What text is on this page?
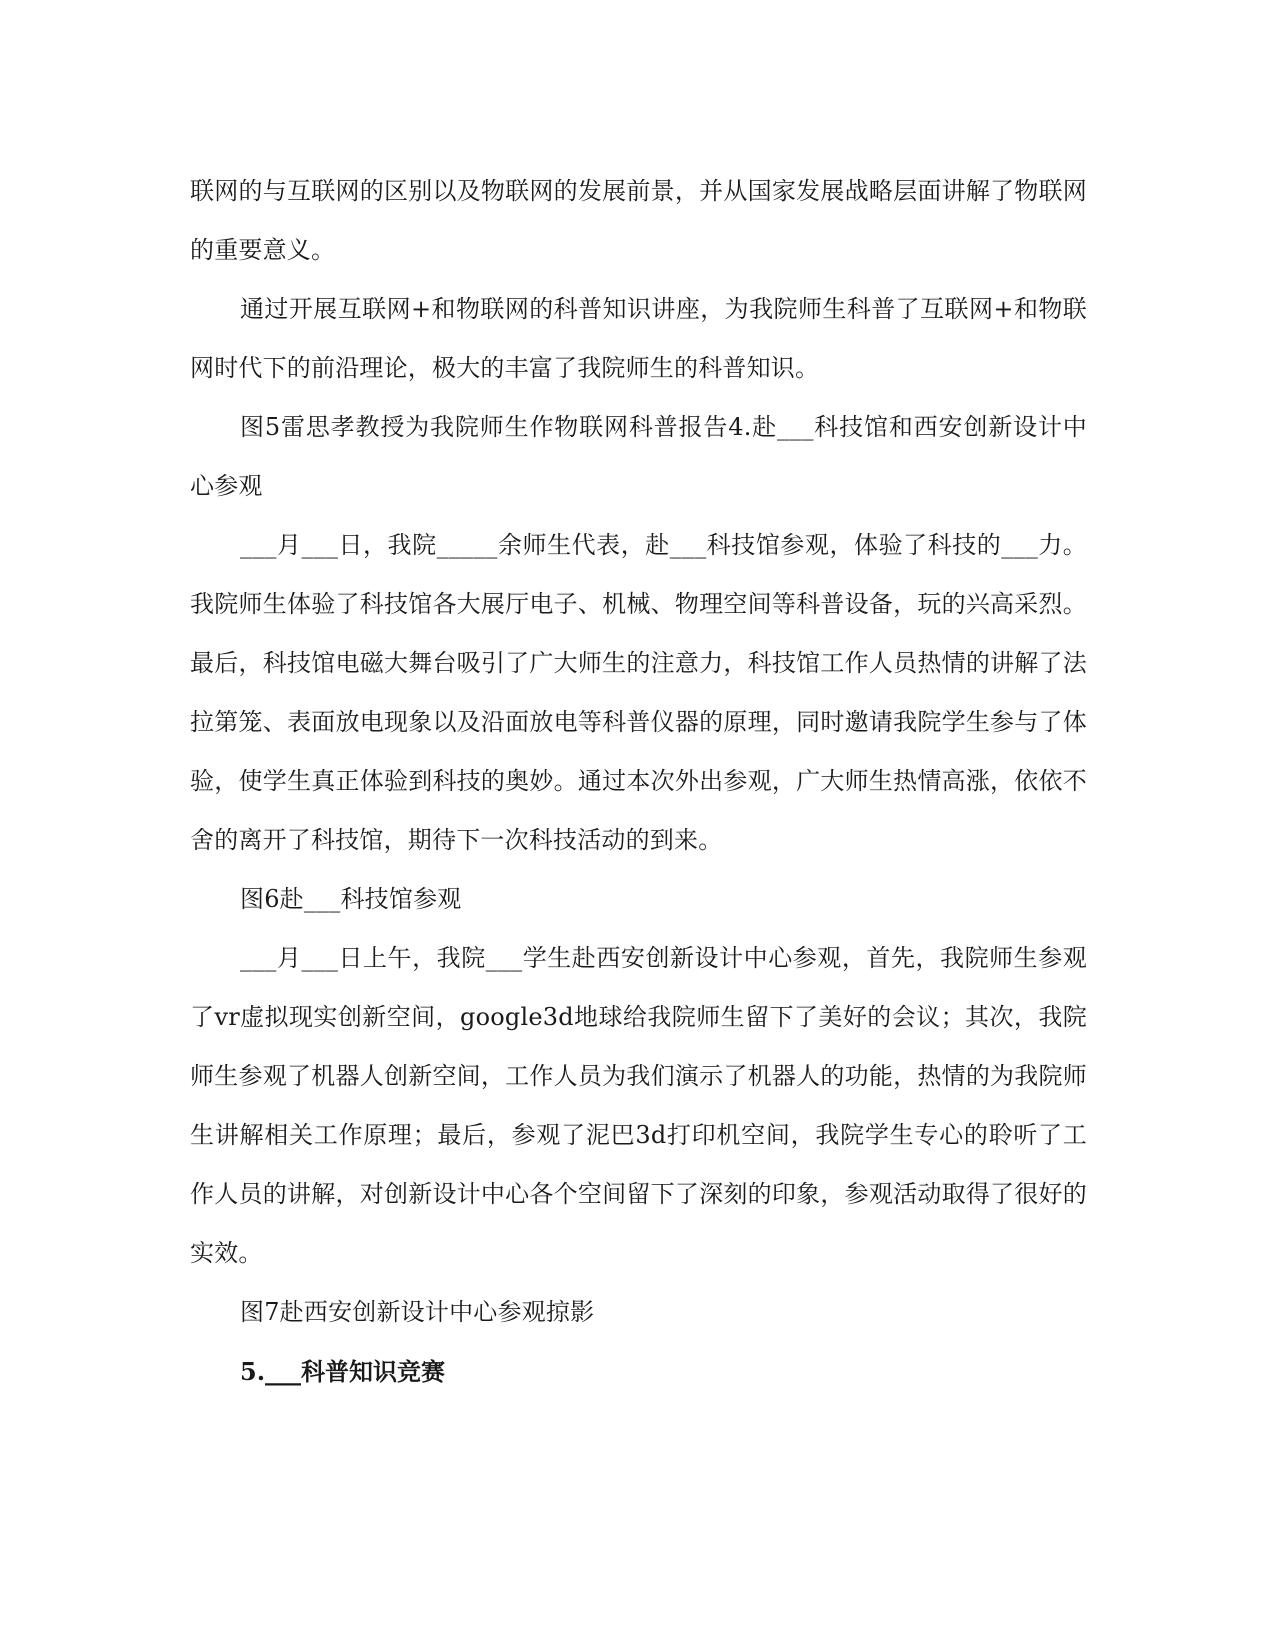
联网的与互联网的区别以及物联网的发展前景，并从国家发展战略层面讲解了物联网的重要意义。

通过开展互联网+和物联网的科普知识讲座，为我院师生科普了互联网+和物联网时代下的前沿理论，极大的丰富了我院师生的科普知识。

图5雷思孝教授为我院师生作物联网科普报告4.赴___科技馆和西安创新设计中心参观

___月___日，我院_____余师生代表，赴___科技馆参观，体验了科技的___力。我院师生体验了科技馆各大展厅电子、机械、物理空间等科普设备，玩的兴高采烈。最后，科技馆电磁大舞台吸引了广大师生的注意力，科技馆工作人员热情的讲解了法拉第笼、表面放电现象以及沿面放电等科普仪器的原理，同时邀请我院学生参与了体验，使学生真正体验到科技的奥妙。通过本次外出参观，广大师生热情高涨，依依不舍的离开了科技馆，期待下一次科技活动的到来。

图6赴___科技馆参观

___月___日上午，我院___学生赴西安创新设计中心参观，首先，我院师生参观了vr虚拟现实创新空间，google3d地球给我院师生留下了美好的会议；其次，我院师生参观了机器人创新空间，工作人员为我们演示了机器人的功能，热情的为我院师生讲解相关工作原理；最后，参观了泥巴3d打印机空间，我院学生专心的聆听了工作人员的讲解，对创新设计中心各个空间留下了深刻的印象，参观活动取得了很好的实效。

图7赴西安创新设计中心参观掠影

5.___科普知识竞赛
